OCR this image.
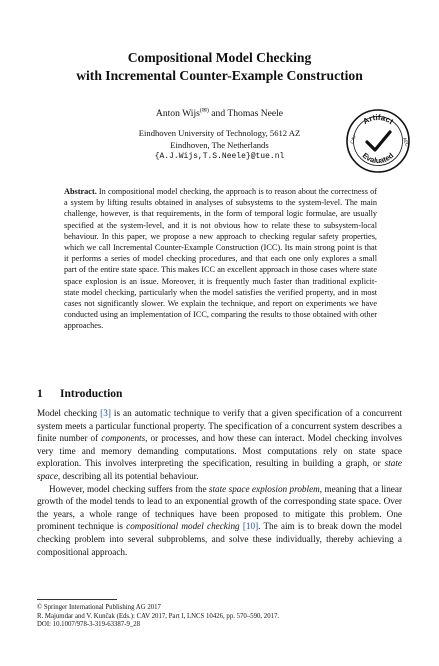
Compositional Model Checking
with Incremental Counter-Example Construction
Anton Wijs(✉) and Thomas Neele
Eindhoven University of Technology, 5612 AZ
Eindhoven, The Netherlands
{A.J.Wijs,T.S.Neele}@tue.nl
Artifact
Evaluated
CAV	AEC
Abstract. In compositional model checking, the approach is to reason about the correctness of a system by lifting results obtained in analyses of subsystems to the system-level. The main challenge, however, is that requirements, in the form of temporal logic formulae, are usually specified at the system-level, and it is not obvious how to relate these to subsystem-local behaviour. In this paper, we propose a new approach to checking regular safety properties, which we call Incremental Counter-Example Construction (ICC). Its main strong point is that it performs a series of model checking procedures, and that each one only explores a small part of the entire state space. This makes ICC an excellent approach in those cases where state space explosion is an issue. Moreover, it is frequently much faster than traditional explicit-state model checking, particularly when the model satisfies the verified property, and in most cases not significantly slower. We explain the technique, and report on experiments we have conducted using an implementation of ICC, comparing the results to those obtained with other approaches.
1 Introduction

Model checking [3] is an automatic technique to verify that a given specification of a concurrent system meets a particular functional property. The specification of a concurrent system describes a finite number of components, or processes, and how these can interact. Model checking involves very time and memory demanding computations. Most computations rely on state space exploration. This involves interpreting the specification, resulting in building a graph, or state space, describing all its potential behaviour.

However, model checking suffers from the state space explosion problem, meaning that a linear growth of the model tends to lead to an exponential growth of the corresponding state space. Over the years, a whole range of techniques have been proposed to mitigate this problem. One prominent technique is compositional model checking [10]. The aim is to break down the model checking problem into several subproblems, and solve these individually, thereby achieving a compositional approach.

© Springer International Publishing AG 2017
R. Majumdar and V. Kunčak (Eds.): CAV 2017, Part I, LNCS 10426, pp. 570–590, 2017.
DOI: 10.1007/978-3-319-63387-9_28
